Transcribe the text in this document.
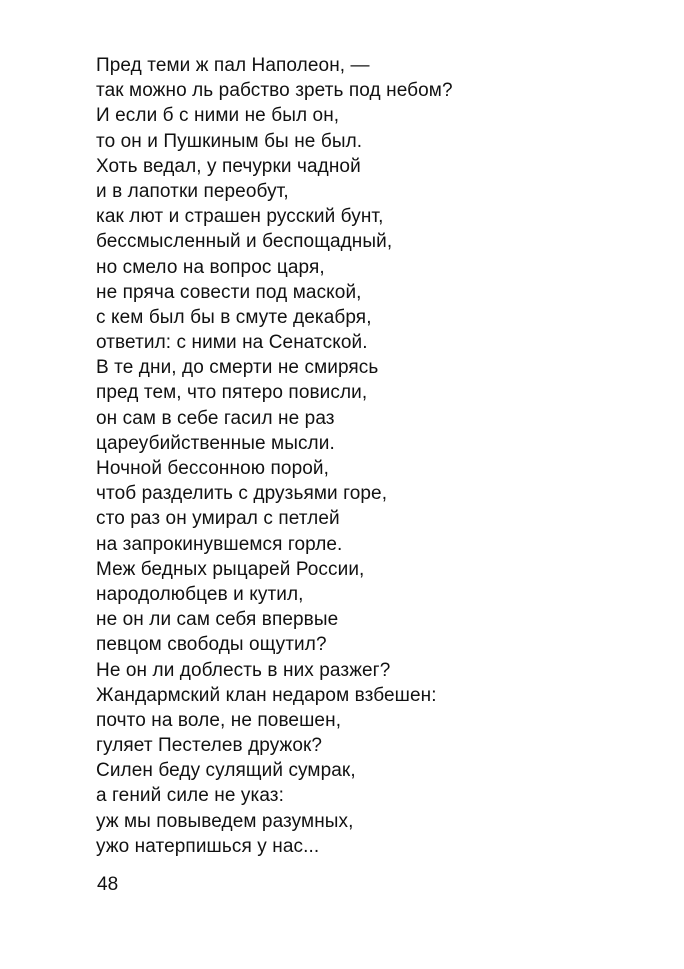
Пред теми ж пал Наполеон, —
так можно ль рабство зреть под небом?
И если б с ними не был он,
то он и Пушкиным бы не был.
Хоть ведал, у печурки чадной
и в лапотки переобут,
как лют и страшен русский бунт,
бессмысленный и беспощадный,
но смело на вопрос царя,
не пряча совести под маской,
с кем был бы в смуте декабря,
ответил: с ними на Сенатской.
В те дни, до смерти не смирясь
пред тем, что пятеро повисли,
он сам в себе гасил не раз
цареубийственные мысли.
Ночной бессонною порой,
чтоб разделить с друзьями горе,
сто раз он умирал с петлей
на запрокинувшемся горле.
Меж бедных рыцарей России,
народолюбцев и кутил,
не он ли сам себя впервые
певцом свободы ощутил?
Не он ли доблесть в них разжег?
Жандармский клан недаром взбешен:
почто на воле, не повешен,
гуляет Пестелев дружок?
Силен беду сулящий сумрак,
а гений силе не указ:
уж мы повыведем разумных,
ужо натерпишься у нас...
48
